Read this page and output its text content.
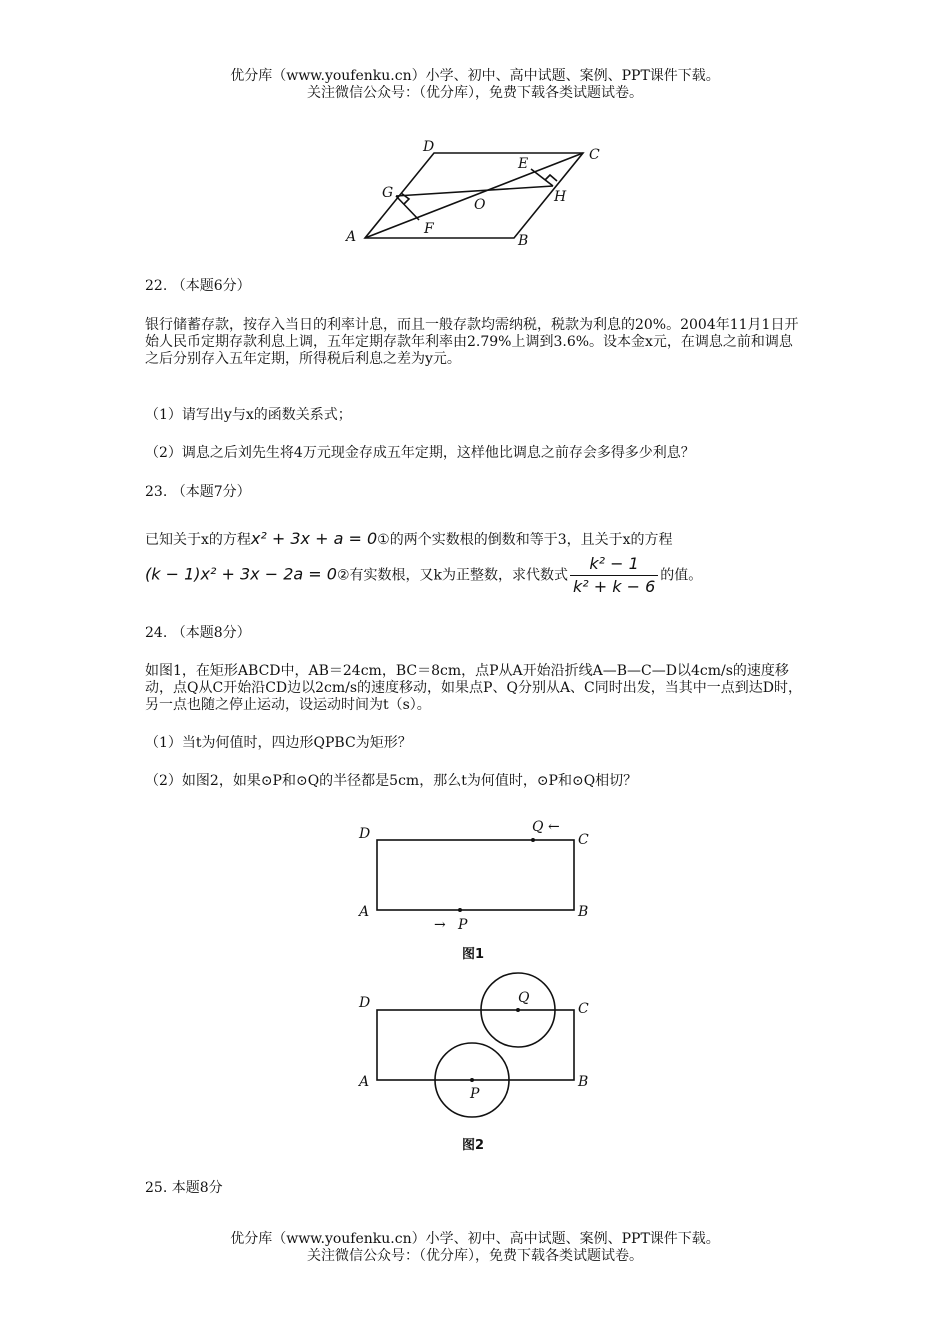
优分库（www.youfenku.cn）小学、初中、高中试题、案例、PPT课件下载。
关注微信公众号：（优分库），免费下载各类试题试卷。
A	B
C
D
E
F
G	H
O
22. （本题6分）
银行储蓄存款，按存入当日的利率计息，而且一般存款均需纳税，税款为利息的20%。2004年11月1日开始人民币定期存款利息上调，五年定期存款年利率由2.79%上调到3.6%。设本金x元，在调息之前和调息之后分别存入五年定期，所得税后利息之差为y元。
（1）请写出y与x的函数关系式；
（2）调息之后刘先生将4万元现金存成五年定期，这样他比调息之前存会多得多少利息？
23. （本题7分）
已知关于x的方程x² + 3x + a = 0①的两个实数根的倒数和等于3，且关于x的方程
(k − 1)x² + 3x − 2a = 0②有实数根，又k为正整数，求代数式 $\frac{\text{k² − 1}}{\text{k² + k − 6}}$ 的值。
24. （本题8分）
如图1，在矩形ABCD中，AB＝24cm，BC＝8cm，点P从A开始沿折线A—B—C—D以4cm/s的速度移动，点Q从C开始沿CD边以2cm/s的速度移动，如果点P、Q分别从A、C同时出发，当其中一点到达D时，另一点也随之停止运动，设运动时间为t（s）。
（1）当t为何值时，四边形QPBC为矩形？
（2）如图2，如果⊙P和⊙Q的半径都是5cm，那么t为何值时，⊙P和⊙Q相切？
D	C
A	B
Q ←
P
→
图1
D	C
A	B
Q
P
图2
25. 本题8分
优分库（www.youfenku.cn）小学、初中、高中试题、案例、PPT课件下载。
关注微信公众号：（优分库），免费下载各类试题试卷。
